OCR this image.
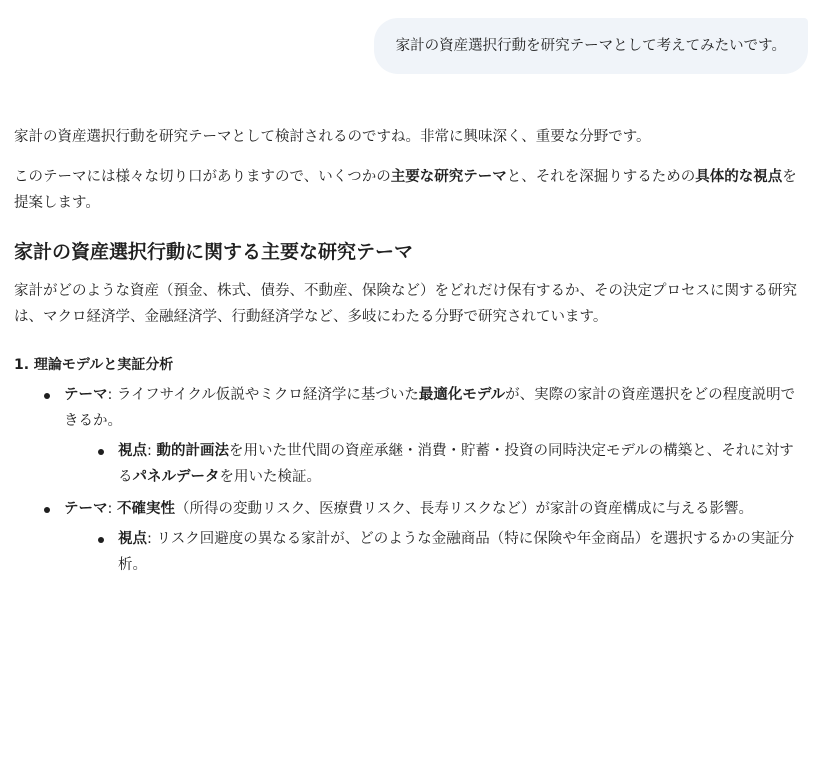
家計の資産選択行動を研究テーマとして考えてみたいです。

家計の資産選択行動を研究テーマとして検討されるのですね。非常に興味深く、重要な分野です。

このテーマには様々な切り口がありますので、いくつかの主要な研究テーマと、それを深掘りするための具体的な視点を提案します。

家計の資産選択行動に関する主要な研究テーマ

家計がどのような資産（預金、株式、債券、不動産、保険など）をどれだけ保有するか、その決定プロセスに関する研究は、マクロ経済学、金融経済学、行動経済学など、多岐にわたる分野で研究されています。

1. 理論モデルと実証分析
テーマ: ライフサイクル仮説やミクロ経済学に基づいた最適化モデルが、実際の家計の資産選択をどの程度説明できるか。
視点: 動的計画法を用いた世代間の資産承継・消費・貯蓄・投資の同時決定モデルの構築と、それに対するパネルデータを用いた検証。
テーマ: 不確実性（所得の変動リスク、医療費リスク、長寿リスクなど）が家計の資産構成に与える影響。
視点: リスク回避度の異なる家計が、どのような金融商品（特に保険や年金商品）を選択するかの実証分析。
